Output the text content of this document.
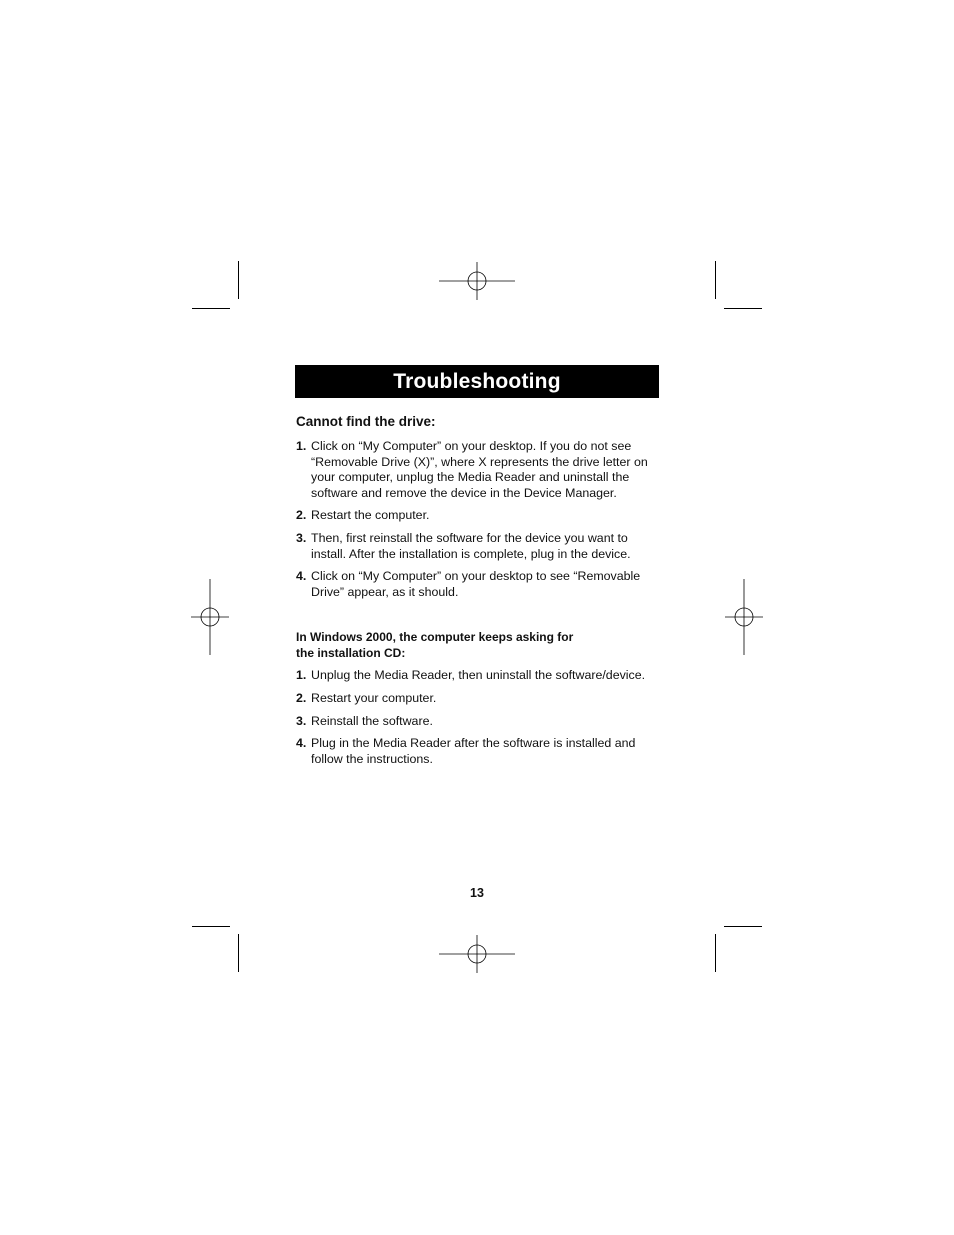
Troubleshooting
Cannot find the drive:
1. Click on “My Computer” on your desktop. If you do not see “Removable Drive (X)”, where X represents the drive letter on your computer, unplug the Media Reader and uninstall the software and remove the device in the Device Manager.
2. Restart the computer.
3. Then, first reinstall the software for the device you want to install. After the installation is complete, plug in the device.
4. Click on “My Computer” on your desktop to see “Removable Drive” appear, as it should.
In Windows 2000, the computer keeps asking for
the installation CD:
1. Unplug the Media Reader, then uninstall the software/device.
2. Restart your computer.
3. Reinstall the software.
4. Plug in the Media Reader after the software is installed and follow the instructions.
13
